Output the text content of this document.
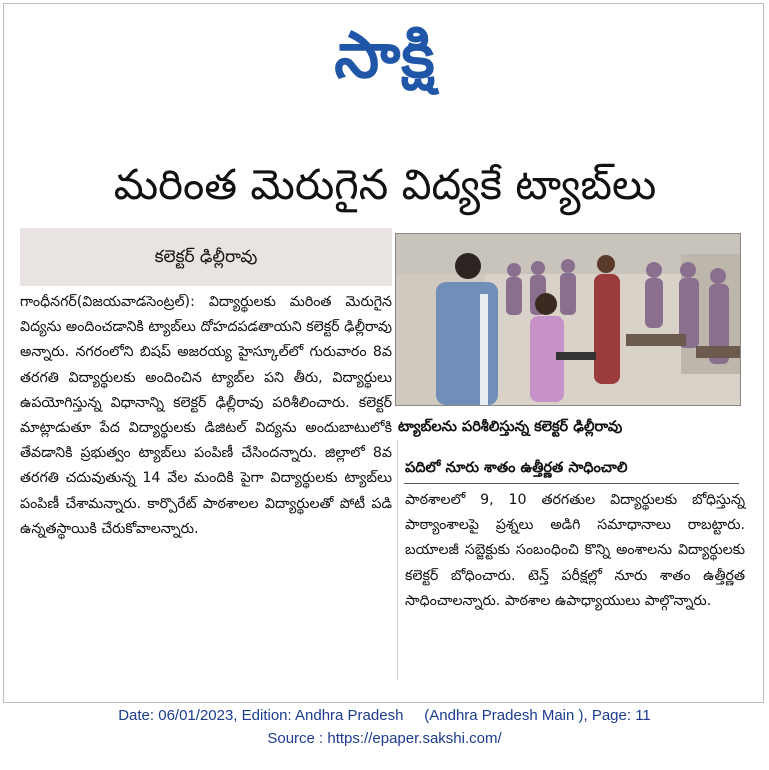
సాక్షి
మరింత మెరుగైన విద్యకే ట్యాబ్‌లు
కలెక్టర్ ఢిల్లీరావు

గాంధీనగర్(విజయవాడసెంట్రల్): విద్యార్థులకు మరింత మెరుగైన విద్యను అందించడానికి ట్యాబ్‌లు దోహదపడతాయని కలెక్టర్ ఢిల్లీరావు అన్నారు. నగరంలోని బిషప్ అజరయ్య హైస్కూల్‌లో గురువారం 8వ తరగతి విద్యార్థులకు అందించిన ట్యాబ్‌ల పని తీరు, విద్యార్థులు ఉపయోగిస్తున్న విధానాన్ని కలెక్టర్ ఢిల్లీరావు పరిశీలించారు. కలెక్టర్ మాట్లాడుతూ పేద విద్యార్థులకు డిజిటల్ విద్యను అందుబాటులోకి తేవడానికి ప్రభుత్వం ట్యాబ్‌లు పంపిణీ చేసిందన్నారు. జిల్లాలో 8వ తరగతి చదువుతున్న 14 వేల మందికి పైగా విద్యార్థులకు ట్యాబ్‌లు పంపిణీ చేశామన్నారు. కార్పొరేట్ పాఠశాలల విద్యార్థులతో పోటీ పడి ఉన్నతస్థాయికి చేరుకోవాలన్నారు.

ట్యాబ్‌లను పరిశీలిస్తున్న కలెక్టర్ ఢిల్లీరావు
పదిలో నూరు శాతం ఉత్తీర్ణత సాధించాలి

పాఠశాలలో 9, 10 తరగతుల విద్యార్థులకు బోధిస్తున్న పాఠ్యాంశాలపై ప్రశ్నలు అడిగి సమాధానాలు రాబట్టారు. బయాలజీ సబ్జెక్టుకు సంబంధించి కొన్ని అంశాలను విద్యార్థులకు కలెక్టర్ బోధించారు. టెన్త్ పరీక్షల్లో నూరు శాతం ఉత్తీర్ణత సాధించాలన్నారు. పాఠశాల ఉపాధ్యాయులు పాల్గొన్నారు.

Date: 06/01/2023, Edition: Andhra Pradesh     (Andhra Pradesh Main ), Page: 11
Source : https://epaper.sakshi.com/
